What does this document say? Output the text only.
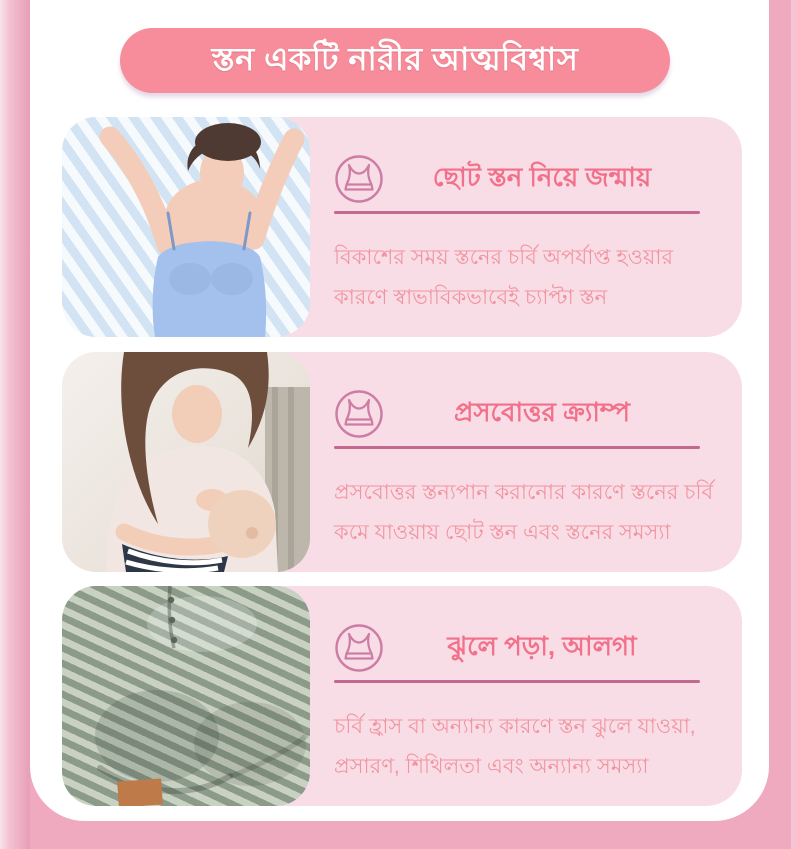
স্তন একটি নারীর আত্মবিশ্বাস
ছোট স্তন নিয়ে জন্মায়
বিকাশের সময় স্তনের চর্বি অপর্যাপ্ত হওয়ার কারণে স্বাভাবিকভাবেই চ্যাপ্টা স্তন
প্রসবোত্তর ক্র্যাম্প
প্রসবোত্তর স্তন্যপান করানোর কারণে স্তনের চর্বি কমে যাওয়ায় ছোট স্তন এবং স্তনের সমস্যা
ঝুলে পড়া, আলগা
চর্বি হ্রাস বা অন্যান্য কারণে স্তন ঝুলে যাওয়া, প্রসারণ, শিথিলতা এবং অন্যান্য সমস্যা
